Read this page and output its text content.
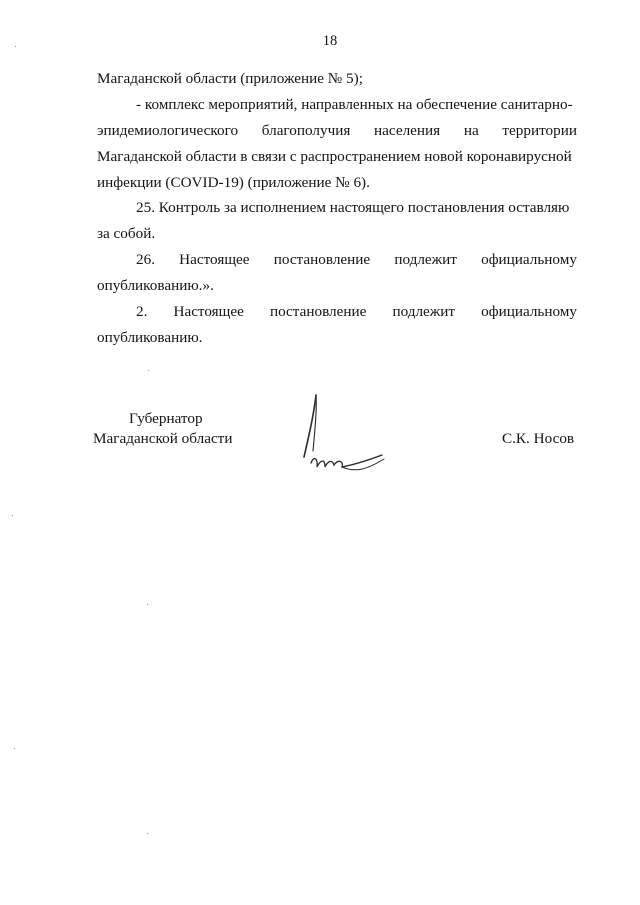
18
Магаданской области (приложение № 5);
- комплекс мероприятий, направленных на обеспечение санитарно-
эпидемиологического благополучия населения на территории
Магаданской области в связи с распространением новой коронавирусной
инфекции (COVID-19) (приложение № 6).
25. Контроль за исполнением настоящего постановления оставляю
за собой.
26. Настоящее постановление подлежит официальному
опубликованию.».
2. Настоящее постановление подлежит официальному
опубликованию.
Губернатор
Магаданской области	С.К. Носов
